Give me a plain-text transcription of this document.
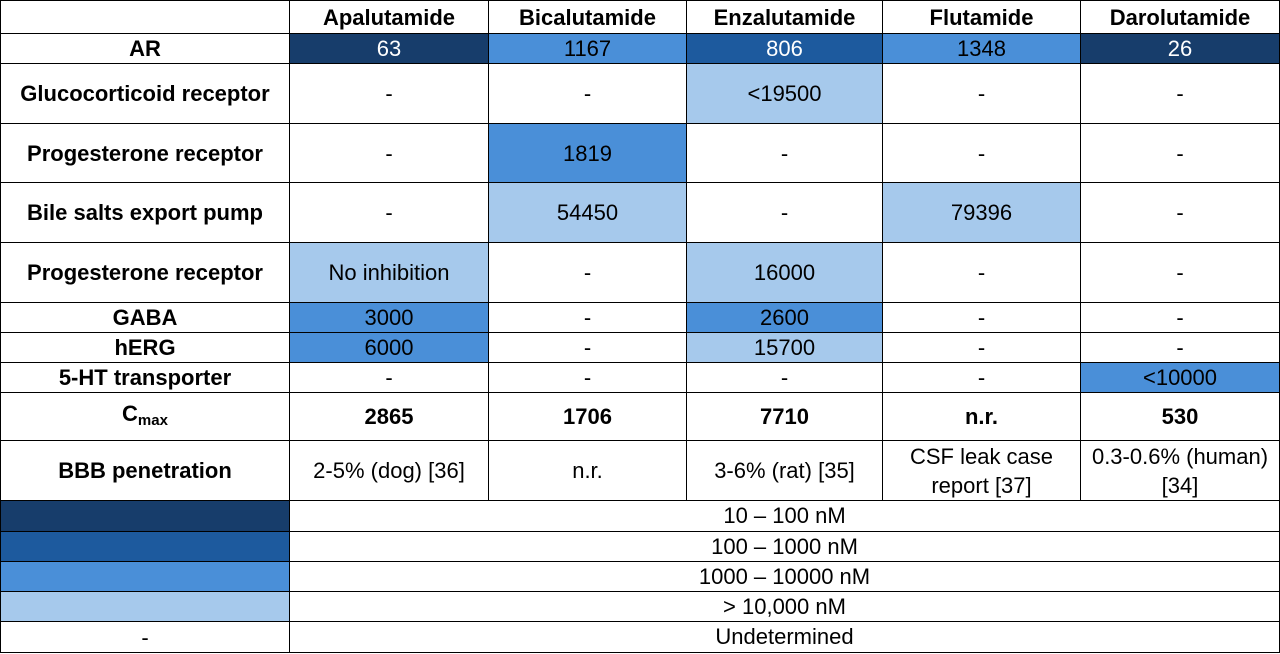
	Apalutamide	Bicalutamide	Enzalutamide	Flutamide	Darolutamide
AR	63	1167	806	1348	26
Glucocorticoid receptor	-	-	<19500	-	-
Progesterone receptor	-	1819	-	-	-
Bile salts export pump	-	54450	-	79396	-
Progesterone receptor	No inhibition	-	16000	-	-
GABA	3000	-	2600	-	-
hERG	6000	-	15700	-	-
5-HT transporter	-	-	-	-	<10000
$C_{max}$	2865	1706	7710	n.r.	530
BBB penetration	2-5% (dog) [36]	n.r.	3-6% (rat) [35]	CSF leak case report [37]	0.3-0.6% (human) [34]
	10 – 100 nM				
	100 – 1000 nM				
	1000 – 10000 nM				
	> 10,000 nM				
-	Undetermined				
